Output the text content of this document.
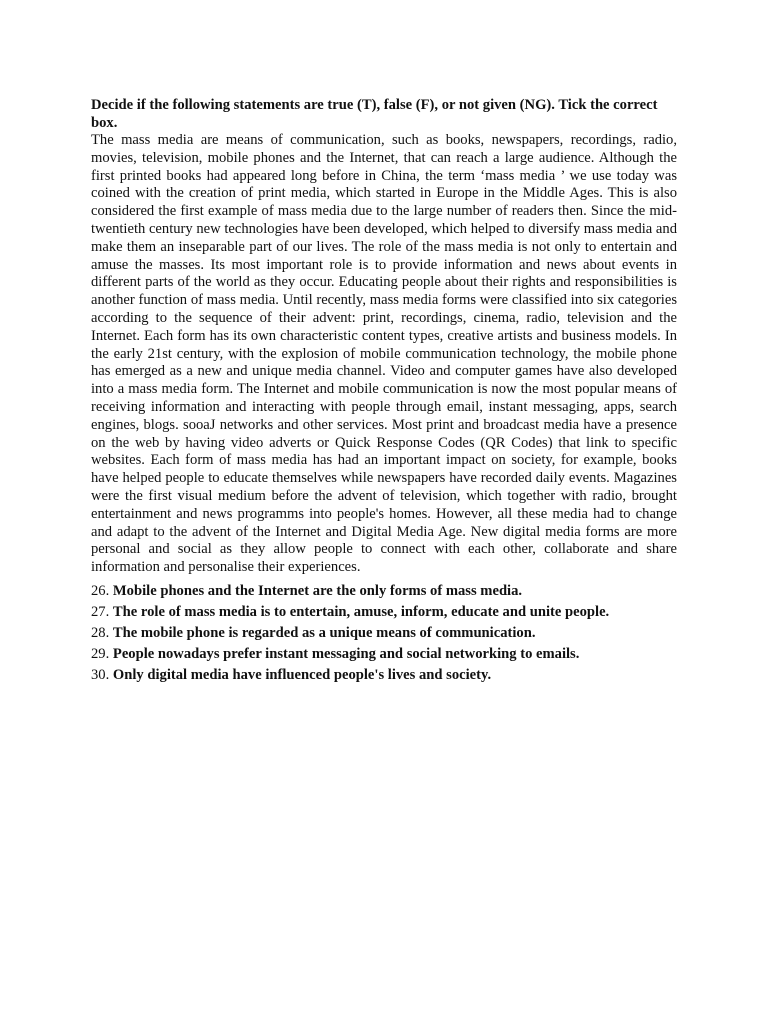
Decide if the following statements are true (T), false (F), or not given (NG). Tick the correct box.

The mass media are means of communication, such as books, newspapers, recordings, radio, movies, television, mobile phones and the Internet, that can reach a large audience. Although the first printed books had appeared long before in China, the term ‘mass media ’ we use today was coined with the creation of print media, which started in Europe in the Middle Ages. This is also considered the first example of mass media due to the large number of readers then. Since the mid-twentieth century new technologies have been developed, which helped to diversify mass media and make them an inseparable part of our lives. The role of the mass media is not only to entertain and amuse the masses. Its most important role is to provide information and news about events in different parts of the world as they occur. Educating people about their rights and responsibilities is another function of mass media. Until recently, mass media forms were classified into six categories according to the sequence of their advent: print, recordings, cinema, radio, television and the Internet. Each form has its own characteristic content types, creative artists and business models. In the early 21st century, with the explosion of mobile communication technology, the mobile phone has emerged as a new and unique media channel. Video and computer games have also developed into a mass media form. The Internet and mobile communication is now the most popular means of receiving information and interacting with people through email, instant messaging, apps, search engines, blogs. sooaJ networks and other services. Most print and broadcast media have a presence on the web by having video adverts or Quick Response Codes (QR Codes) that link to specific websites. Each form of mass media has had an important impact on society, for example, books have helped people to educate themselves while newspapers have recorded daily events. Magazines were the first visual medium before the advent of television, which together with radio, brought entertainment and news programms into people's homes. However, all these media had to change and adapt to the advent of the Internet and Digital Media Age. New digital media forms are more personal and social as they allow people to connect with each other, collaborate and share information and personalise their experiences.

26. Mobile phones and the Internet are the only forms of mass media.
27. The role of mass media is to entertain, amuse, inform, educate and unite people.
28. The mobile phone is regarded as a unique means of communication.
29. People nowadays prefer instant messaging and social networking to emails.
30. Only digital media have influenced people's lives and society.
